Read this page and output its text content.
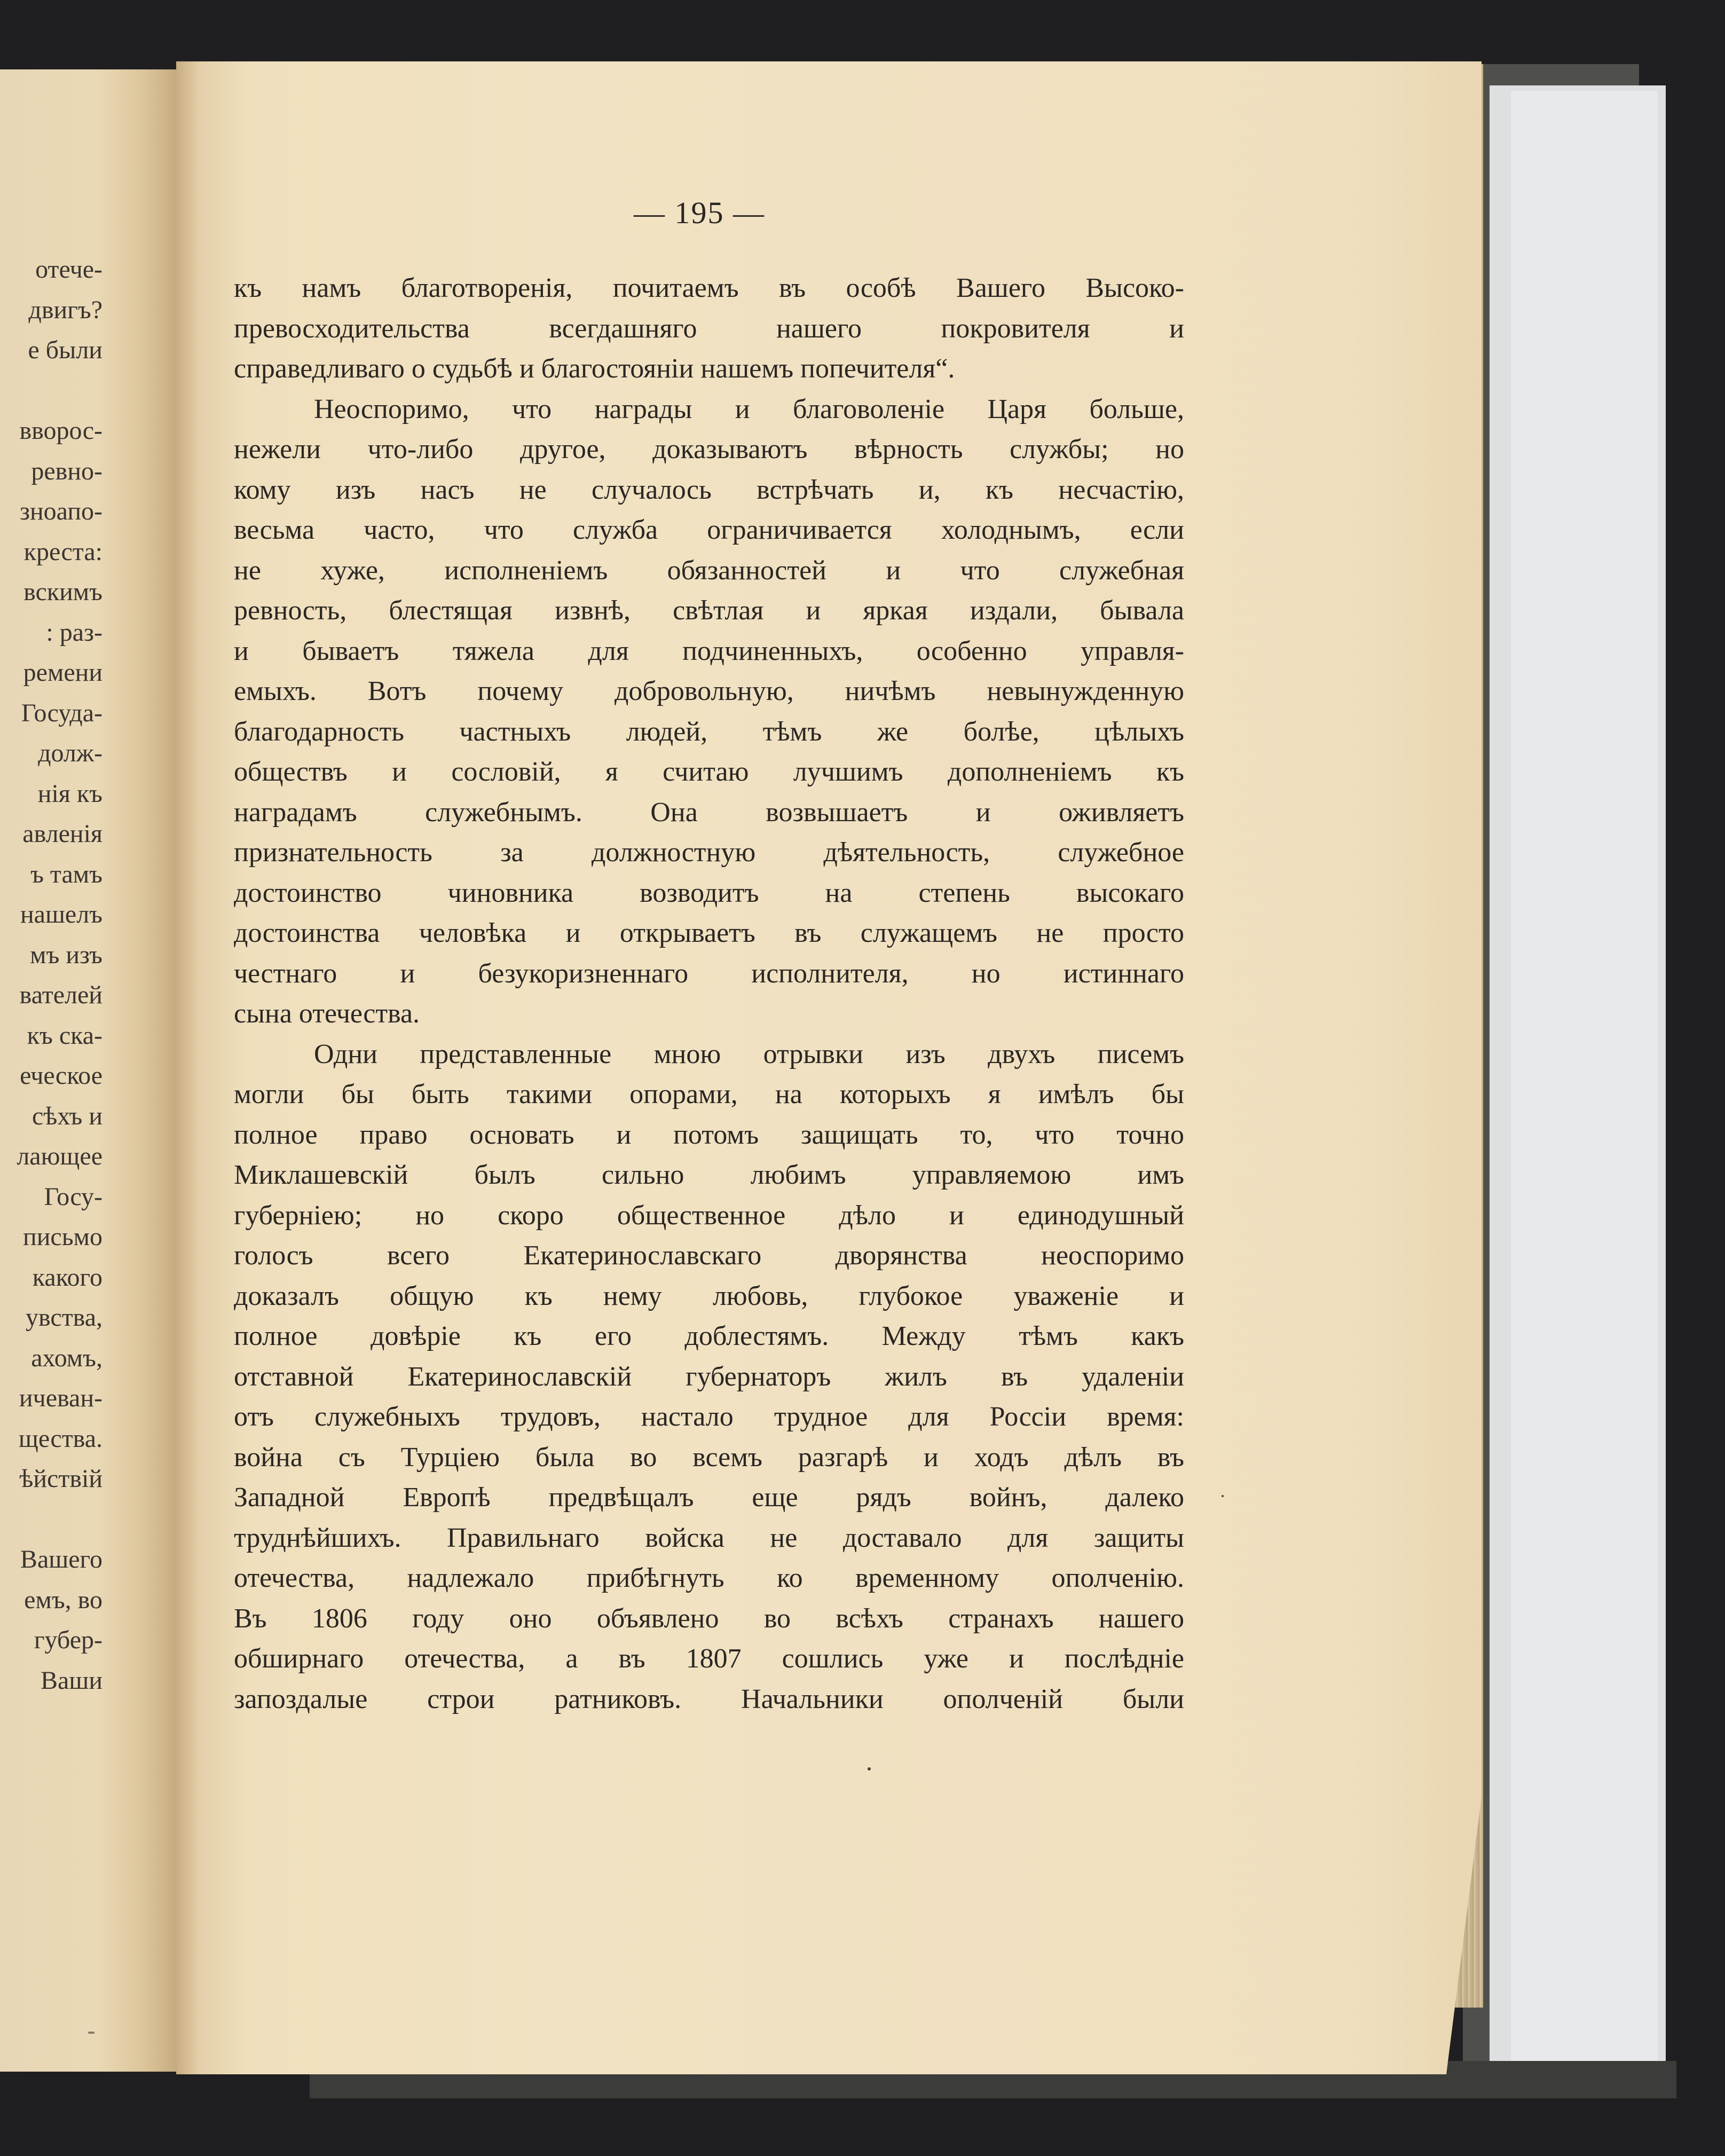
отече-
двигъ?
е были
вворос-
ревно-
зноапо-
креста:
вскимъ
: раз-
ремени
Госуда-
долж-
нія къ
авленія
ъ тамъ
нашелъ
мъ изъ
вателей
къ ска-
еческое
сѣхъ и
лающее
Госу-
письмо
какого
увства,
ахомъ,
ичеван-
щества.
ѣйствій
Вашего
емъ, во
губер-
Ваши
— 195 —
къ намъ благотворенія, почитаемъ въ особѣ Вашего Высоко-
превосходительства всегдашняго нашего покровителя и
справедливаго о судьбѣ и благостояніи нашемъ попечителя“.
Неоспоримо, что награды и благоволеніе Царя больше,
нежели что-либо другое, доказываютъ вѣрность службы; но
кому изъ насъ не случалось встрѣчать и, къ несчастію,
весьма часто, что служба ограничивается холоднымъ, если
не хуже, исполненіемъ обязанностей и что служебная
ревность, блестящая извнѣ, свѣтлая и яркая издали, бывала
и бываетъ тяжела для подчиненныхъ, особенно управля-
емыхъ. Вотъ почему добровольную, ничѣмъ невынужденную
благодарность частныхъ людей, тѣмъ же болѣе, цѣлыхъ
обществъ и сословій, я считаю лучшимъ дополненіемъ къ
наградамъ служебнымъ. Она возвышаетъ и оживляетъ
признательность за должностную дѣятельность, служебное
достоинство чиновника возводитъ на степень высокаго
достоинства человѣка и открываетъ въ служащемъ не просто
честнаго и безукоризненнаго исполнителя, но истиннаго
сына отечества.
Одни представленные мною отрывки изъ двухъ писемъ
могли бы быть такими опорами, на которыхъ я имѣлъ бы
полное право основать и потомъ защищать то, что точно
Миклашевскій былъ сильно любимъ управляемою имъ
губерніею; но скоро общественное дѣло и единодушный
голосъ всего Екатеринославскаго дворянства неоспоримо
доказалъ общую къ нему любовь, глубокое уваженіе и
полное довѣріе къ его доблестямъ. Между тѣмъ какъ
отставной Екатеринославскій губернаторъ жилъ въ удаленіи
отъ служебныхъ трудовъ, настало трудное для Россіи время:
война съ Турціею была во всемъ разгарѣ и ходъ дѣлъ въ
Западной Европѣ предвѣщалъ еще рядъ войнъ, далеко
труднѣйшихъ. Правильнаго войска не доставало для защиты
отечества, надлежало прибѣгнуть ко временному ополченію.
Въ 1806 году оно объявлено во всѣхъ странахъ нашего
обширнаго отечества, а въ 1807 сошлись уже и послѣдніе
запоздалые строи ратниковъ. Начальники ополченій были
